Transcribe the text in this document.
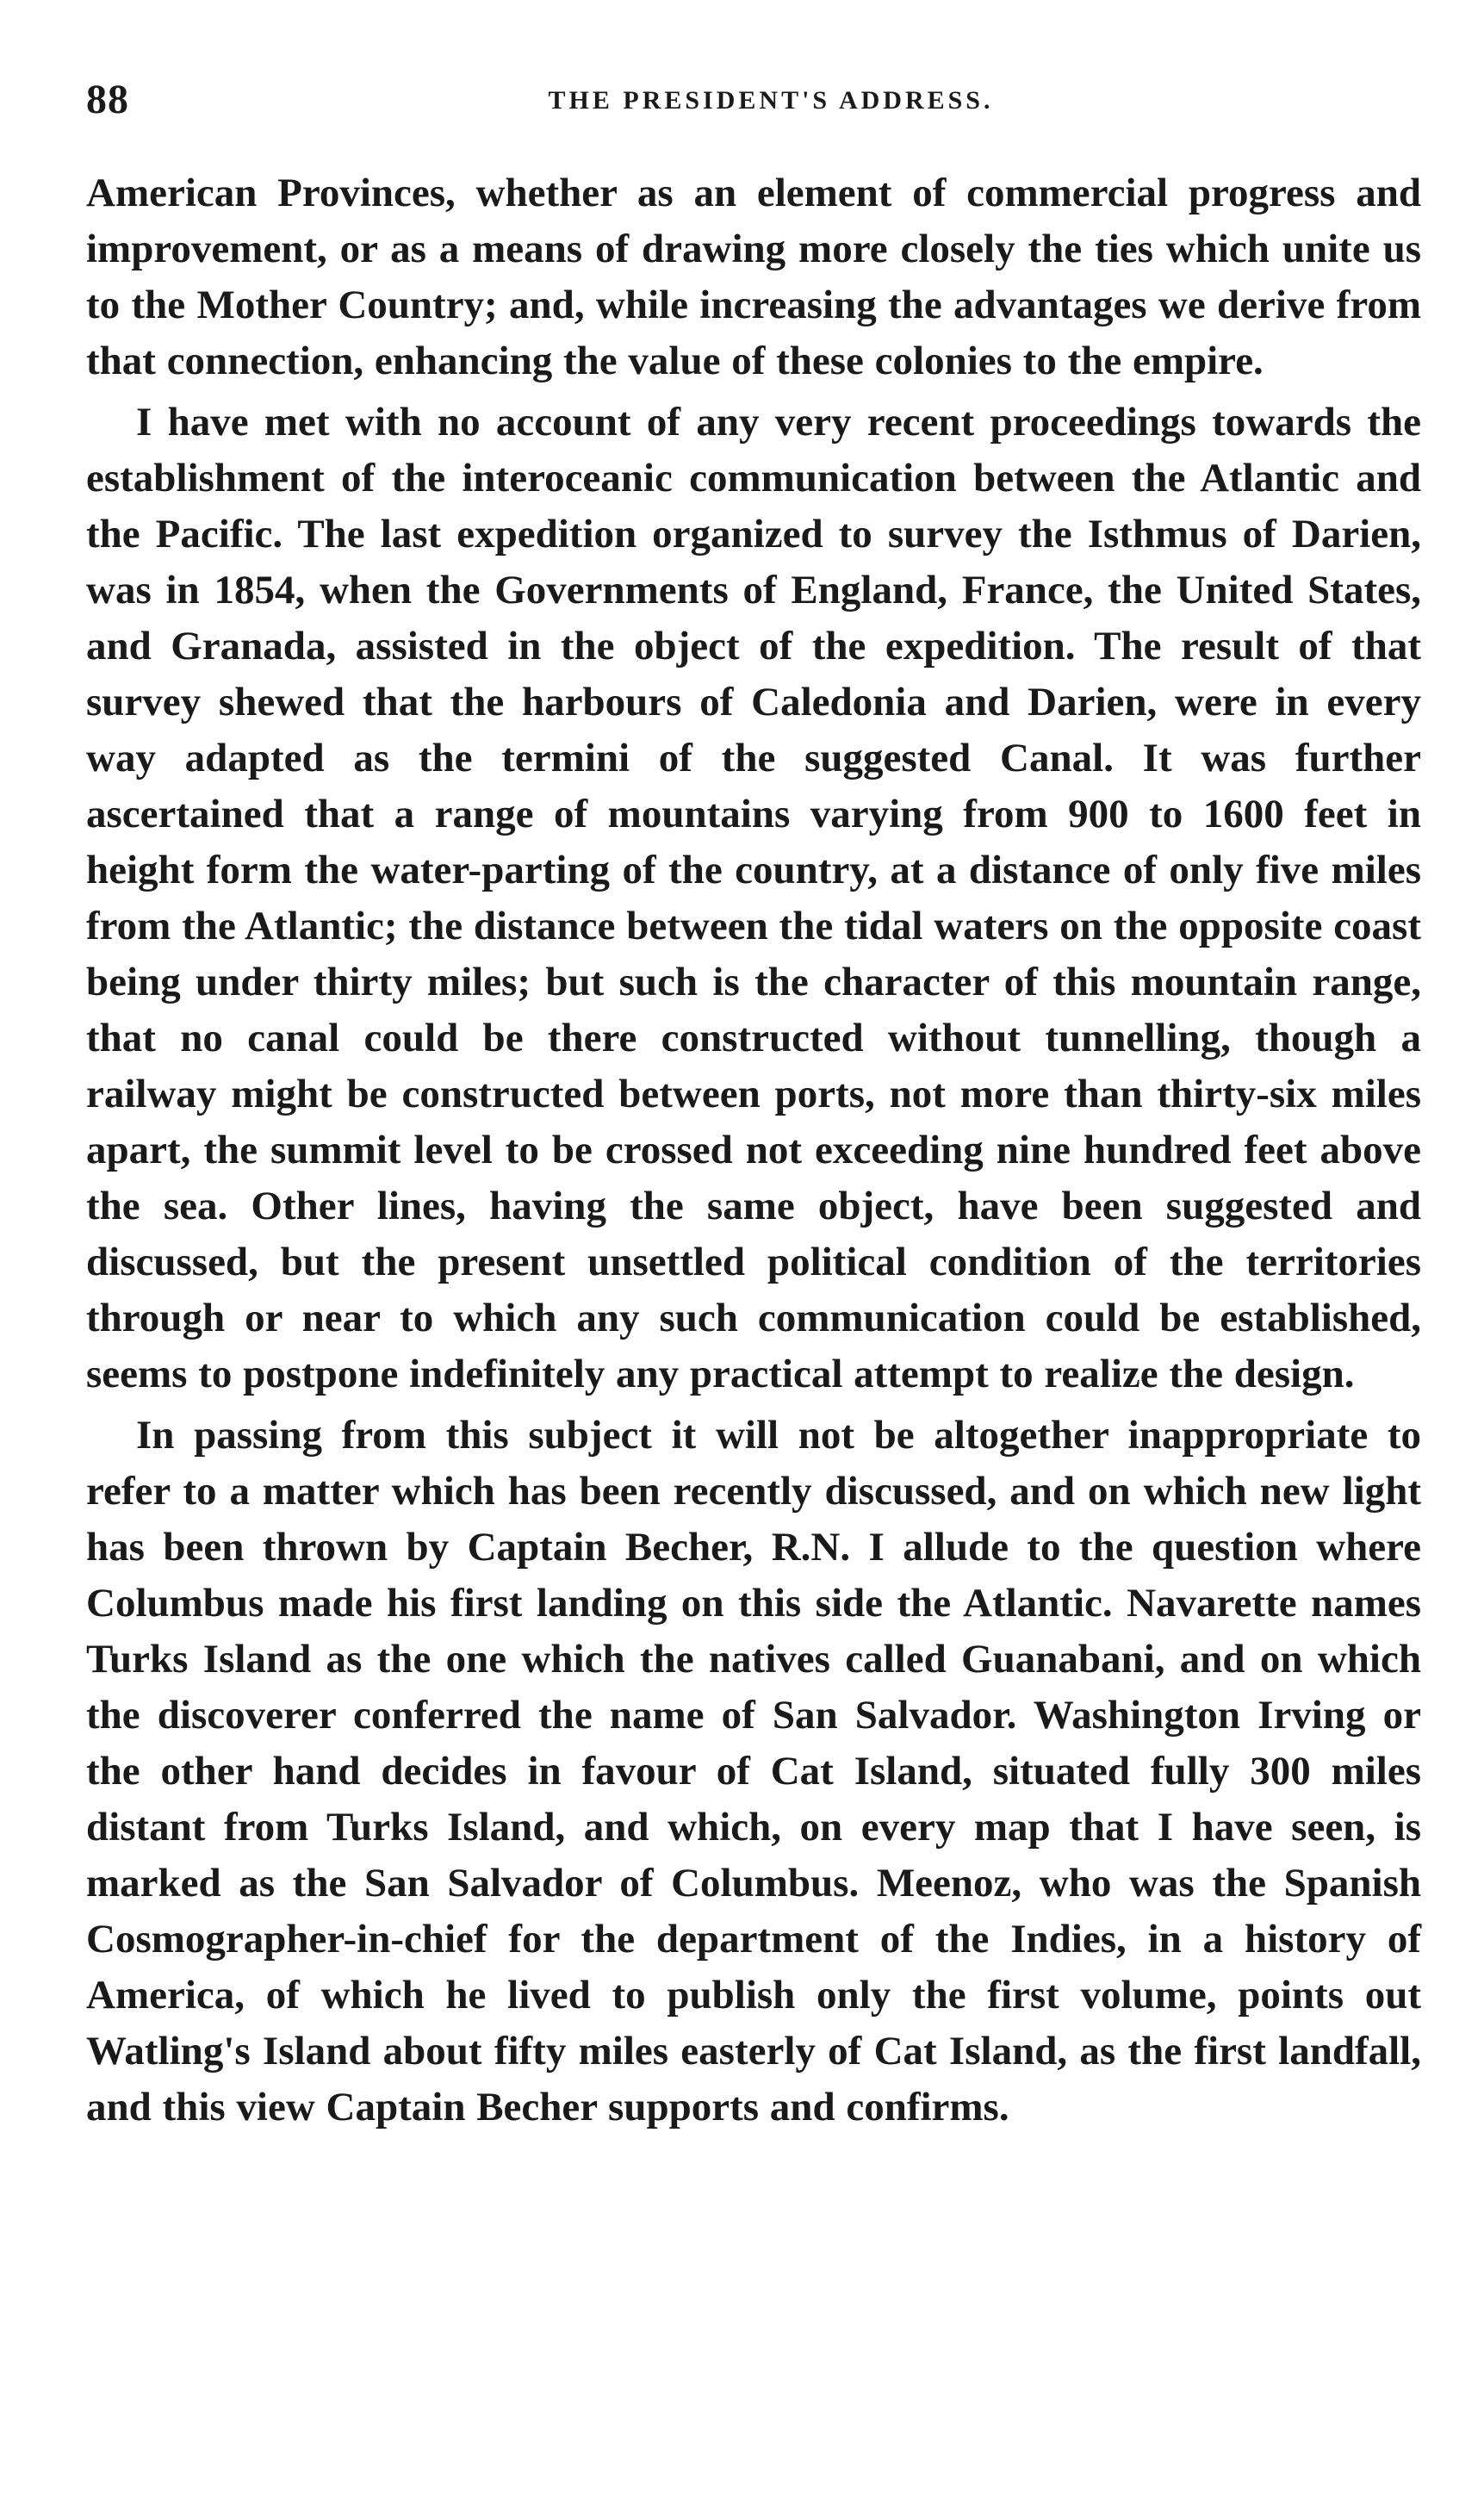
88	THE PRESIDENT'S ADDRESS.

American Provinces, whether as an element of commercial progress and improvement, or as a means of drawing more closely the ties which unite us to the Mother Country; and, while increasing the advantages we derive from that connection, enhancing the value of these colonies to the empire.

I have met with no account of any very recent proceedings towards the establishment of the interoceanic communication between the Atlantic and the Pacific. The last expedition organized to survey the Isthmus of Darien, was in 1854, when the Governments of England, France, the United States, and Granada, assisted in the object of the expedition. The result of that survey shewed that the harbours of Caledonia and Darien, were in every way adapted as the termini of the suggested Canal. It was further ascertained that a range of mountains varying from 900 to 1600 feet in height form the water-parting of the country, at a distance of only five miles from the Atlantic; the distance between the tidal waters on the opposite coast being under thirty miles; but such is the character of this mountain range, that no canal could be there constructed without tunnelling, though a railway might be constructed between ports, not more than thirty-six miles apart, the summit level to be crossed not exceeding nine hundred feet above the sea. Other lines, having the same object, have been suggested and discussed, but the present unsettled political condition of the territories through or near to which any such communication could be established, seems to postpone indefinitely any practical attempt to realize the design.

In passing from this subject it will not be altogether inappropriate to refer to a matter which has been recently discussed, and on which new light has been thrown by Captain Becher, R.N. I allude to the question where Columbus made his first landing on this side the Atlantic. Navarette names Turks Island as the one which the natives called Guanabani, and on which the discoverer conferred the name of San Salvador. Washington Irving or the other hand decides in favour of Cat Island, situated fully 300 miles distant from Turks Island, and which, on every map that I have seen, is marked as the San Salvador of Columbus. Meenoz, who was the Spanish Cosmographer-in-chief for the department of the Indies, in a history of America, of which he lived to publish only the first volume, points out Watling's Island about fifty miles easterly of Cat Island, as the first landfall, and this view Captain Becher supports and confirms.
